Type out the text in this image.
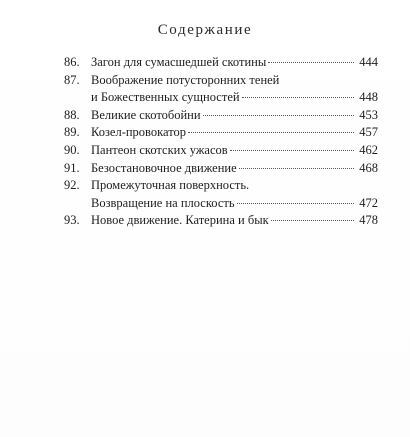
Содержание
86. Загон для сумасшедшей скотины	444
87. Воображение потусторонних теней
и Божественных сущностей	448
88. Великие скотобойни	453
89. Козел-провокатор	457
90. Пантеон скотских ужасов	462
91. Безостановочное движение	468
92. Промежуточная поверхность.
Возвращение на плоскость	472
93. Новое движение. Катерина и бык	478
